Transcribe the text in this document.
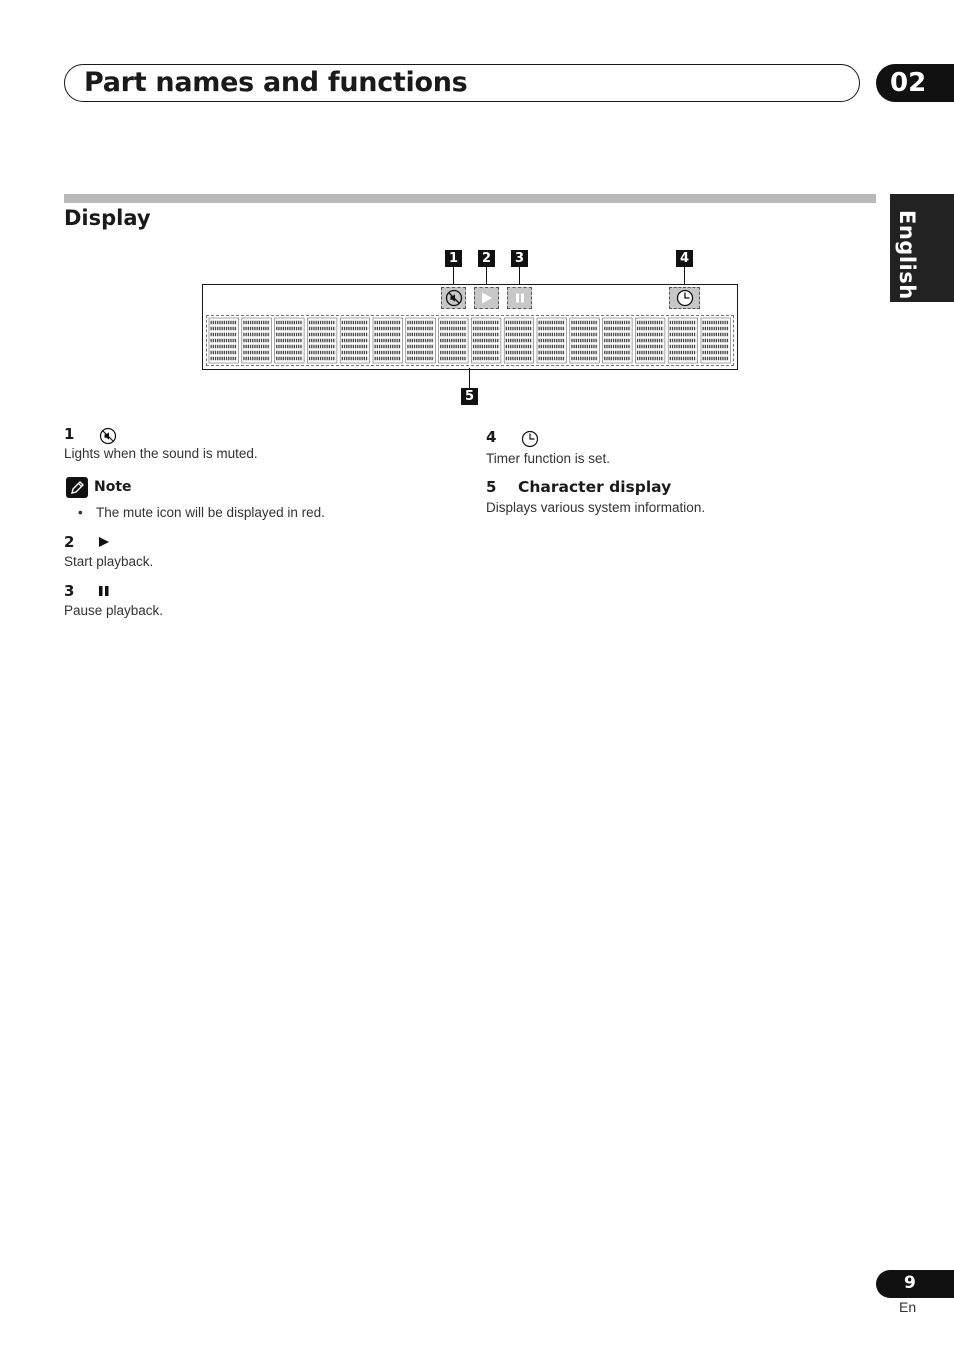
Part names and functions	02
English
Display
1	2	3	4
5
1
Lights when the sound is muted.
Note
• The mute icon will be displayed in red.
2
Start playback.
3
Pause playback.
4
Timer function is set.
5 Character display
Displays various system information.
9
En
